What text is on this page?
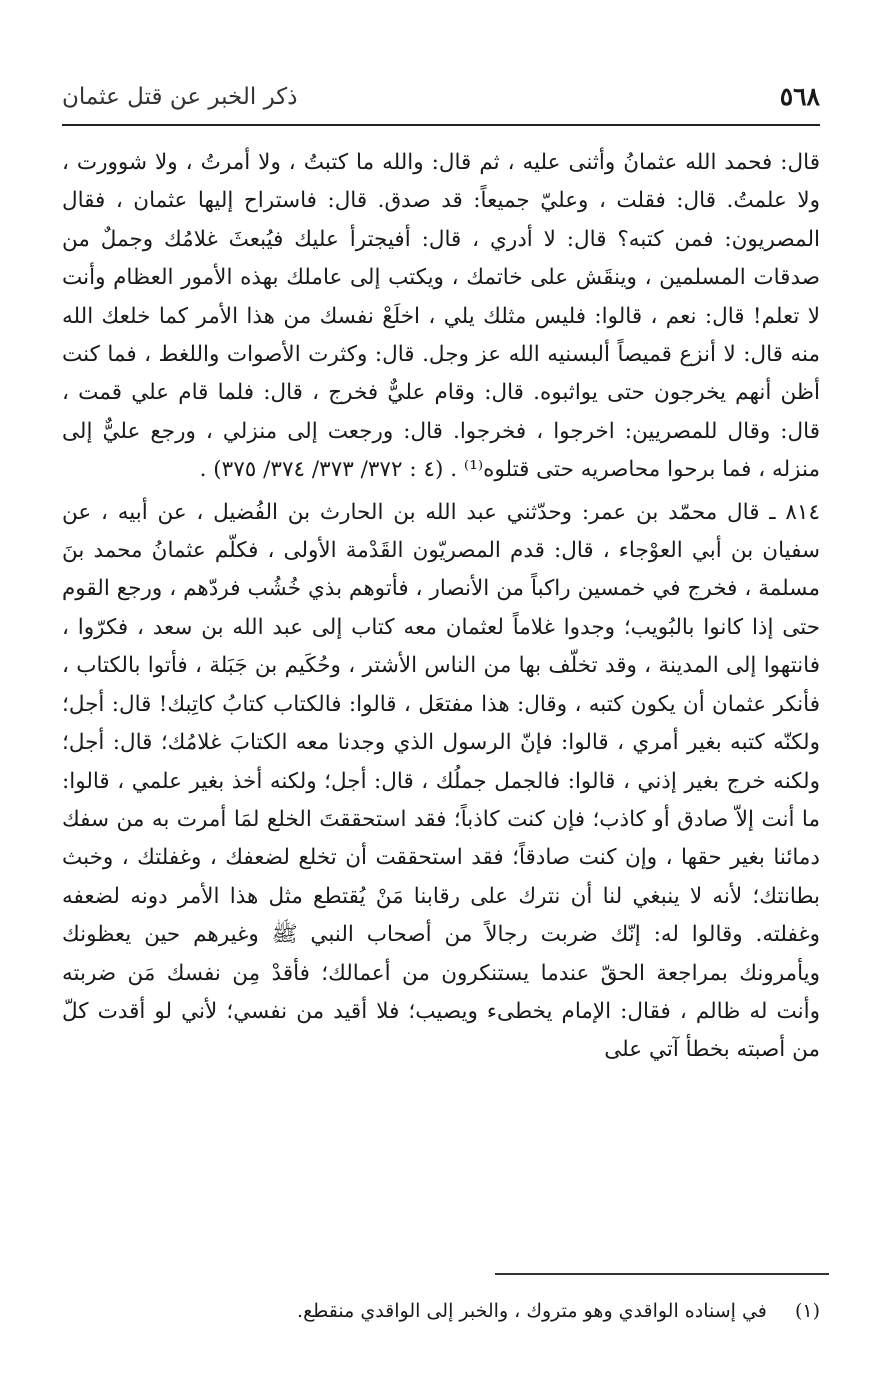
٥٦٨
ذكر الخبر عن قتل عثمان

قال: فحمد الله عثمانُ وأثنى عليه ، ثم قال: والله ما كتبتُ ، ولا أمرتُ ، ولا شوورت ، ولا علمتُ. قال: فقلت ، وعليّ جميعاً: قد صدق. قال: فاستراح إليها عثمان ، فقال المصريون: فمن كتبه؟ قال: لا أدري ، قال: أفيجترأ عليك فيُبعثَ غلامُك وجملٌ من صدقات المسلمين ، وينقَش على خاتمك ، ويكتب إلى عاملك بهذه الأمور العظام وأنت لا تعلم! قال: نعم ، قالوا: فليس مثلك يلي ، اخلَعْ نفسك من هذا الأمر كما خلعك الله منه قال: لا أنزع قميصاً ألبسنيه الله عز وجل. قال: وكثرت الأصوات واللغط ، فما كنت أظن أنهم يخرجون حتى يواثبوه. قال: وقام عليٌّ فخرج ، قال: فلما قام علي قمت ، قال: وقال للمصريين: اخرجوا ، فخرجوا. قال: ورجعت إلى منزلي ، ورجع عليٌّ إلى منزله ، فما برحوا محاصريه حتى قتلوه⁽¹⁾ . (٤ : ٣٧٢/ ٣٧٣/ ٣٧٤/ ٣٧٥) .

٨١٤ ـ قال محمّد بن عمر: وحدّثني عبد الله بن الحارث بن الفُضيل ، عن أبيه ، عن سفيان بن أبي العوْجاء ، قال: قدم المصريّون القَدْمة الأولى ، فكلّم عثمانُ محمد بنَ مسلمة ، فخرج في خمسين راكباً من الأنصار ، فأتوهم بذي خُشُب فردّهم ، ورجع القوم حتى إذا كانوا بالبُويب؛ وجدوا غلاماً لعثمان معه كتاب إلى عبد الله بن سعد ، فكرّوا ، فانتهوا إلى المدينة ، وقد تخلّف بها من الناس الأشتر ، وحُكَيم بن جَبَلة ، فأتوا بالكتاب ، فأنكر عثمان أن يكون كتبه ، وقال: هذا مفتعَل ، قالوا: فالكتاب كتابُ كاتِبك! قال: أجل؛ ولكنّه كتبه بغير أمري ، قالوا: فإنّ الرسول الذي وجدنا معه الكتابَ غلامُك؛ قال: أجل؛ ولكنه خرج بغير إذني ، قالوا: فالجمل جملُك ، قال: أجل؛ ولكنه أخذ بغير علمي ، قالوا: ما أنت إلاّ صادق أو كاذب؛ فإن كنت كاذباً؛ فقد استحققتَ الخلع لمَا أمرت به من سفك دمائنا بغير حقها ، وإن كنت صادقاً؛ فقد استحققت أن تخلع لضعفك ، وغفلتك ، وخبث بطانتك؛ لأنه لا ينبغي لنا أن نترك على رقابنا مَنْ يُقتطع مثل هذا الأمر دونه لضعفه وغفلته. وقالوا له: إنّك ضربت رجالاً من أصحاب النبي ﷺ وغيرهم حين يعظونك ويأمرونك بمراجعة الحقّ عندما يستنكرون من أعمالك؛ فأقدْ مِن نفسك مَن ضربته وأنت له ظالم ، فقال: الإمام يخطىء ويصيب؛ فلا أقيد من نفسي؛ لأني لو أقدت كلّ من أصبته بخطأ آتي على

(١) في إسناده الواقدي وهو متروك ، والخبر إلى الواقدي منقطع.
